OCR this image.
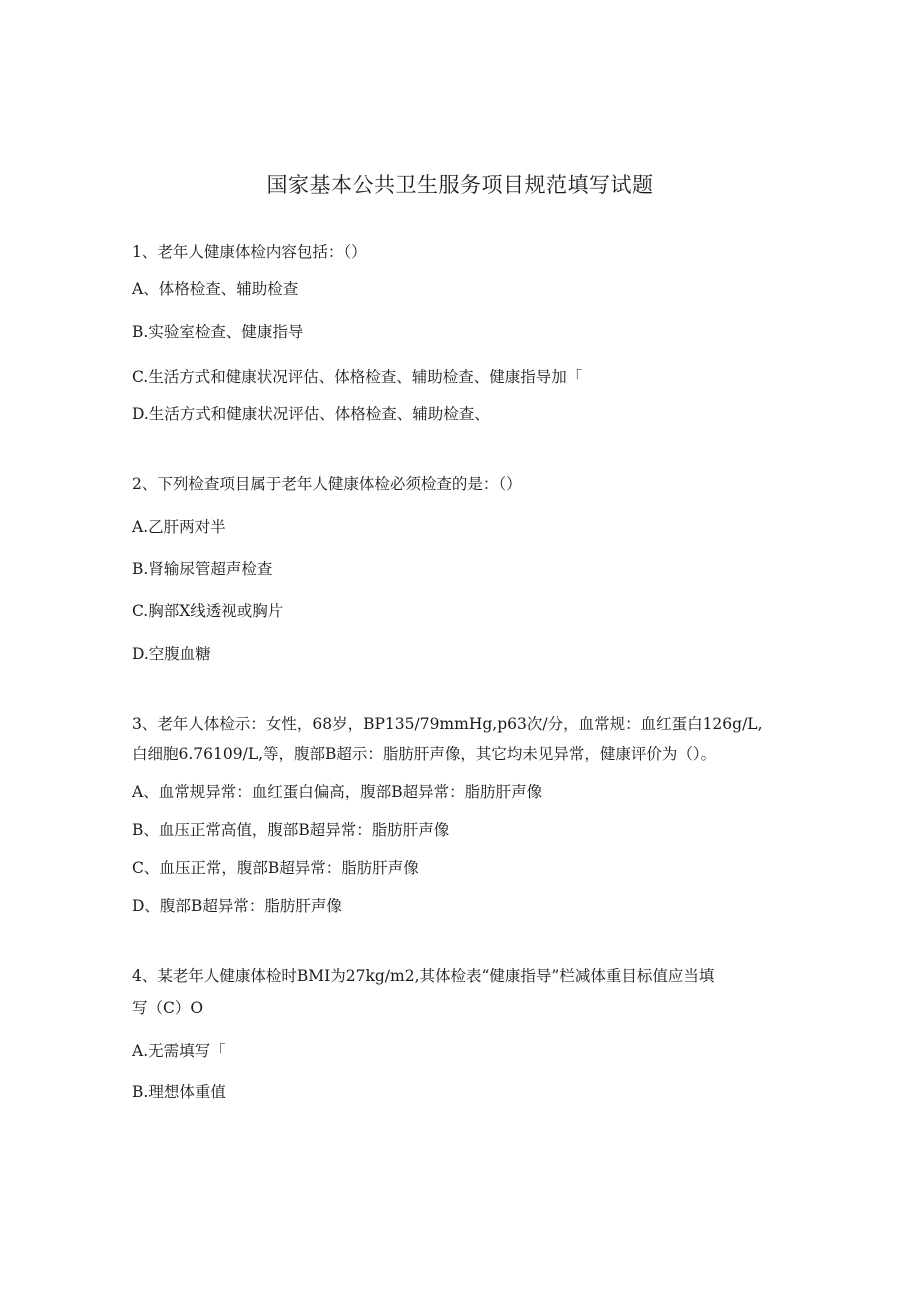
国家基本公共卫生服务项目规范填写试题
1、老年人健康体检内容包括：（）
A、体格检查、辅助检查
B.实验室检查、健康指导
C.生活方式和健康状况评估、体格检查、辅助检查、健康指导加「
D.生活方式和健康状况评估、体格检查、辅助检查、
2、下列检查项目属于老年人健康体检必须检查的是：（）
A.乙肝两对半
B.肾输尿管超声检查
C.胸部X线透视或胸片
D.空腹血糖
3、老年人体检示：女性，68岁，BP135∕79mmHg,p63次/分，血常规：血红蛋白126g/L,
白细胞6.76109/L,等，腹部B超示：脂肪肝声像，其它均未见异常，健康评价为（）。
A、血常规异常：血红蛋白偏高，腹部B超异常：脂肪肝声像
B、血压正常高值，腹部B超异常：脂肪肝声像
C、血压正常，腹部B超异常：脂肪肝声像
D、腹部B超异常：脂肪肝声像
4、某老年人健康体检时BMI为27kg∕m2,其体检表“健康指导”栏减体重目标值应当填
写（C）O
A.无需填写「
B.理想体重值
